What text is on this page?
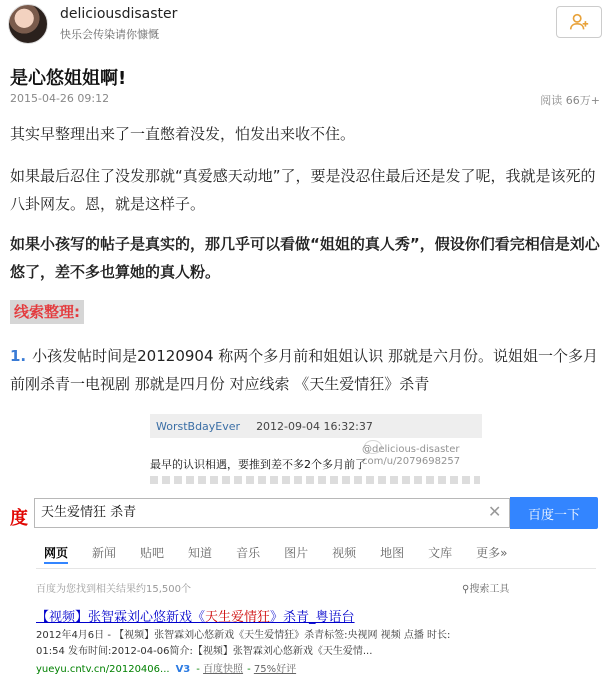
deliciousdisaster
快乐会传染请你慷慨
是心悠姐姐啊!
2015-04-26 09:12	阅读 66万+

其实早整理出来了一直憋着没发，怕发出来收不住。

如果最后忍住了没发那就“真爱感天动地”了，要是没忍住最后还是发了呢，我就是该死的八卦网友。恩，就是这样子。

如果小孩写的帖子是真实的，那几乎可以看做“姐姐的真人秀”，假设你们看完相信是刘心悠了，差不多也算她的真人粉。

线索整理:

1. 小孩发帖时间是20120904 称两个多月前和姐姐认识 那就是六月份。说姐姐一个多月前刚杀青一电视剧 那就是四月份 对应线索 《天生爱情狂》杀青

WorstBdayEver 2012-09-04 16:32:37
最早的认识相遇，要推到差不多2个多月前了
@delicious-disaster
com/u/2079698257
度	天生爱情狂 杀青	✕	百度一下
网页 新闻 贴吧 知道 音乐 图片 视频 地图 文库 更多»
百度为您找到相关结果约15,500个	⚲搜索工具
【视频】张智霖刘心悠新戏《天生爱情狂》杀青_粤语台
2012年4月6日 - 【视频】张智霖刘心悠新戏《天生爱情狂》杀青标签:央视网 视频 点播 时长:
01:54 发布时间:2012-04-06简介:【视频】张智霖刘心悠新戏《天生爱情...
yueyu.cntv.cn/20120406... V3 - 百度快照 - 75%好评
